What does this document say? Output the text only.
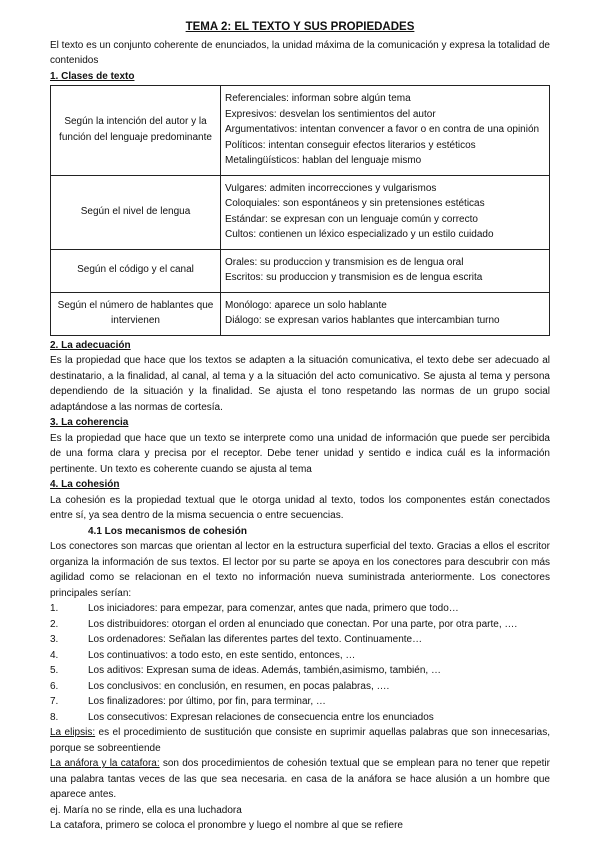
TEMA 2: EL TEXTO Y SUS PROPIEDADES

El texto es un conjunto coherente de enunciados, la unidad máxima de la comunicación y expresa la totalidad de contenidos

1. Clases de texto

Según la intención del autor y la función del lenguaje predominante	Referenciales: informan sobre algún tema
Expresivos: desvelan los sentimientos del autor
Argumentativos: intentan convencer a favor o en contra de una opinión
Políticos: intentan conseguir efectos literarios y estéticos
Metalingüísticos: hablan del lenguaje mismo

Según el nivel de lengua	Vulgares: admiten incorrecciones y vulgarismos
Coloquiales: son espontáneos y sin pretensiones estéticas
Estándar: se expresan con un lenguaje común y correcto
Cultos: contienen un léxico especializado y un estilo cuidado

Según el código y el canal	Orales: su produccion y transmision es de lengua oral
Escritos: su produccion y transmision es de lengua escrita

Según el número de hablantes que intervienen	Monólogo: aparece un solo hablante
Diálogo: se expresan varios hablantes que intercambian turno

2. La adecuación

Es la propiedad que hace que los textos se adapten a la situación comunicativa, el texto debe ser adecuado al destinatario, a la finalidad, al canal, al tema y a la situación del acto comunicativo. Se ajusta al tema y persona dependiendo de la situación y la finalidad. Se ajusta el tono respetando las normas de un grupo social adaptándose a las normas de cortesía.

3. La coherencia

Es la propiedad que hace que un texto se interprete como una unidad de información que puede ser percibida de una forma clara y precisa por el receptor. Debe tener unidad y sentido e indica cuál es la información pertinente. Un texto es coherente cuando se ajusta al tema

4. La cohesión

La cohesión es la propiedad textual que le otorga unidad al texto, todos los componentes están conectados entre sí, ya sea dentro de la misma secuencia o entre secuencias.

4.1 Los mecanismos de cohesión

Los conectores son marcas que orientan al lector en la estructura superficial del texto. Gracias a ellos el escritor organiza la información de sus textos. El lector por su parte se apoya en los conectores para descubrir con más agilidad como se relacionan en el texto no información nueva suministrada anteriormente. Los conectores principales serían:

1.	Los iniciadores: para empezar, para comenzar, antes que nada, primero que todo…
2.	Los distribuidores: otorgan el orden al enunciado que conectan. Por una parte, por otra parte, ….
3.	Los ordenadores: Señalan las diferentes partes del texto. Continuamente…
4.	Los continuativos: a todo esto, en este sentido, entonces, …
5.	Los aditivos: Expresan suma de ideas. Además, también,asimismo, también, …
6.	Los conclusivos: en conclusión, en resumen, en pocas palabras, ….
7.	Los finalizadores: por último, por fin, para terminar, …
8.	Los consecutivos: Expresan relaciones de consecuencia entre los enunciados

La elipsis: es el procedimiento de sustitución que consiste en suprimir aquellas palabras que son innecesarias, porque se sobreentiende

La anáfora y la catafora: son dos procedimientos de cohesión textual que se emplean para no tener que repetir una palabra tantas veces de las que sea necesaria. en casa de la anáfora se hace alusión a un hombre que aparece antes.

ej. María no se rinde, ella es una luchadora

La catafora, primero se coloca el pronombre y luego el nombre al que se refiere
